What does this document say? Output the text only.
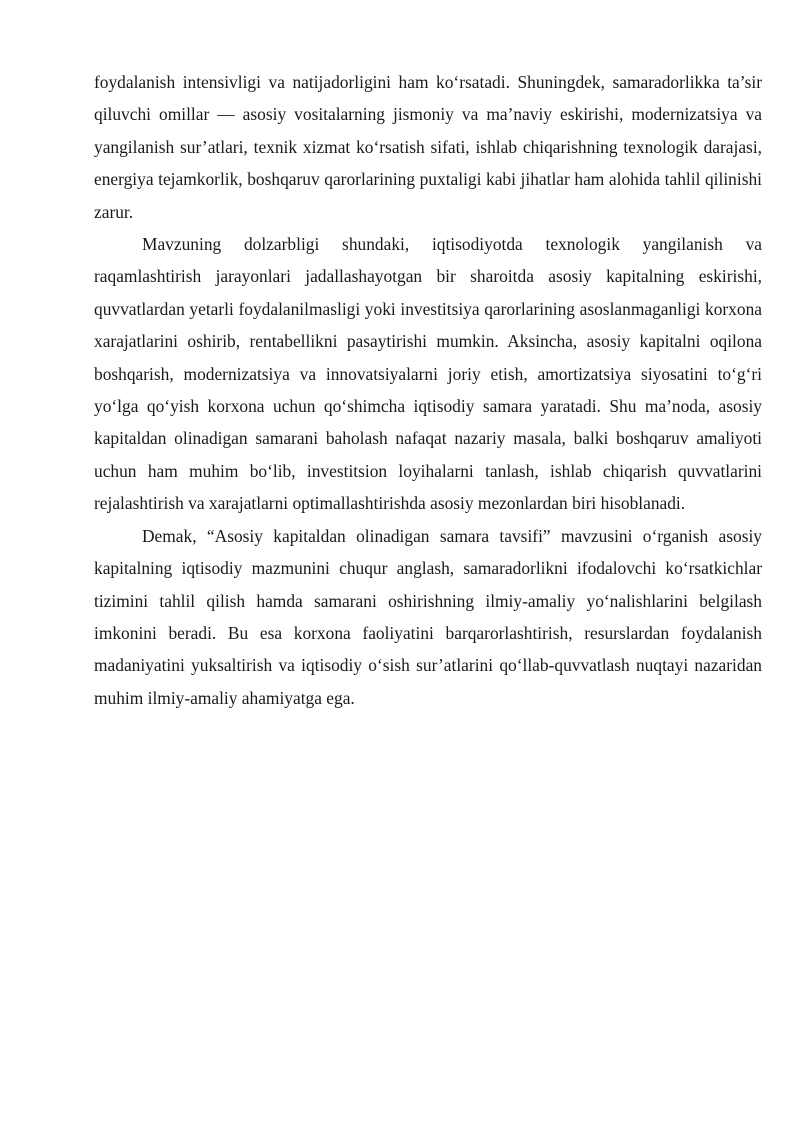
foydalanish intensivligi va natijadorligini ham ko‘rsatadi. Shuningdek, samaradorlikka ta’sir qiluvchi omillar — asosiy vositalarning jismoniy va ma’naviy eskirishi, modernizatsiya va yangilanish sur’atlari, texnik xizmat ko‘rsatish sifati, ishlab chiqarishning texnologik darajasi, energiya tejamkorlik, boshqaruv qarorlarining puxtaligi kabi jihatlar ham alohida tahlil qilinishi zarur.

Mavzuning dolzarbligi shundaki, iqtisodiyotda texnologik yangilanish va raqamlashtirish jarayonlari jadallashayotgan bir sharoitda asosiy kapitalning eskirishi, quvvatlardan yetarli foydalanilmasligi yoki investitsiya qarorlarining asoslanmaganligi korxona xarajatlarini oshirib, rentabellikni pasaytirishi mumkin. Aksincha, asosiy kapitalni oqilona boshqarish, modernizatsiya va innovatsiyalarni joriy etish, amortizatsiya siyosatini to‘g‘ri yo‘lga qo‘yish korxona uchun qo‘shimcha iqtisodiy samara yaratadi. Shu ma’noda, asosiy kapitaldan olinadigan samarani baholash nafaqat nazariy masala, balki boshqaruv amaliyoti uchun ham muhim bo‘lib, investitsion loyihalarni tanlash, ishlab chiqarish quvvatlarini rejalashtirish va xarajatlarni optimallashtirishda asosiy mezonlardan biri hisoblanadi.

Demak, “Asosiy kapitaldan olinadigan samara tavsifi” mavzusini o‘rganish asosiy kapitalning iqtisodiy mazmunini chuqur anglash, samaradorlikni ifodalovchi ko‘rsatkichlar tizimini tahlil qilish hamda samarani oshirishning ilmiy-amaliy yo‘nalishlarini belgilash imkonini beradi. Bu esa korxona faoliyatini barqarorlashtirish, resurslardan foydalanish madaniyatini yuksaltirish va iqtisodiy o‘sish sur’atlarini qo‘llab-quvvatlash nuqtayi nazaridan muhim ilmiy-amaliy ahamiyatga ega.
